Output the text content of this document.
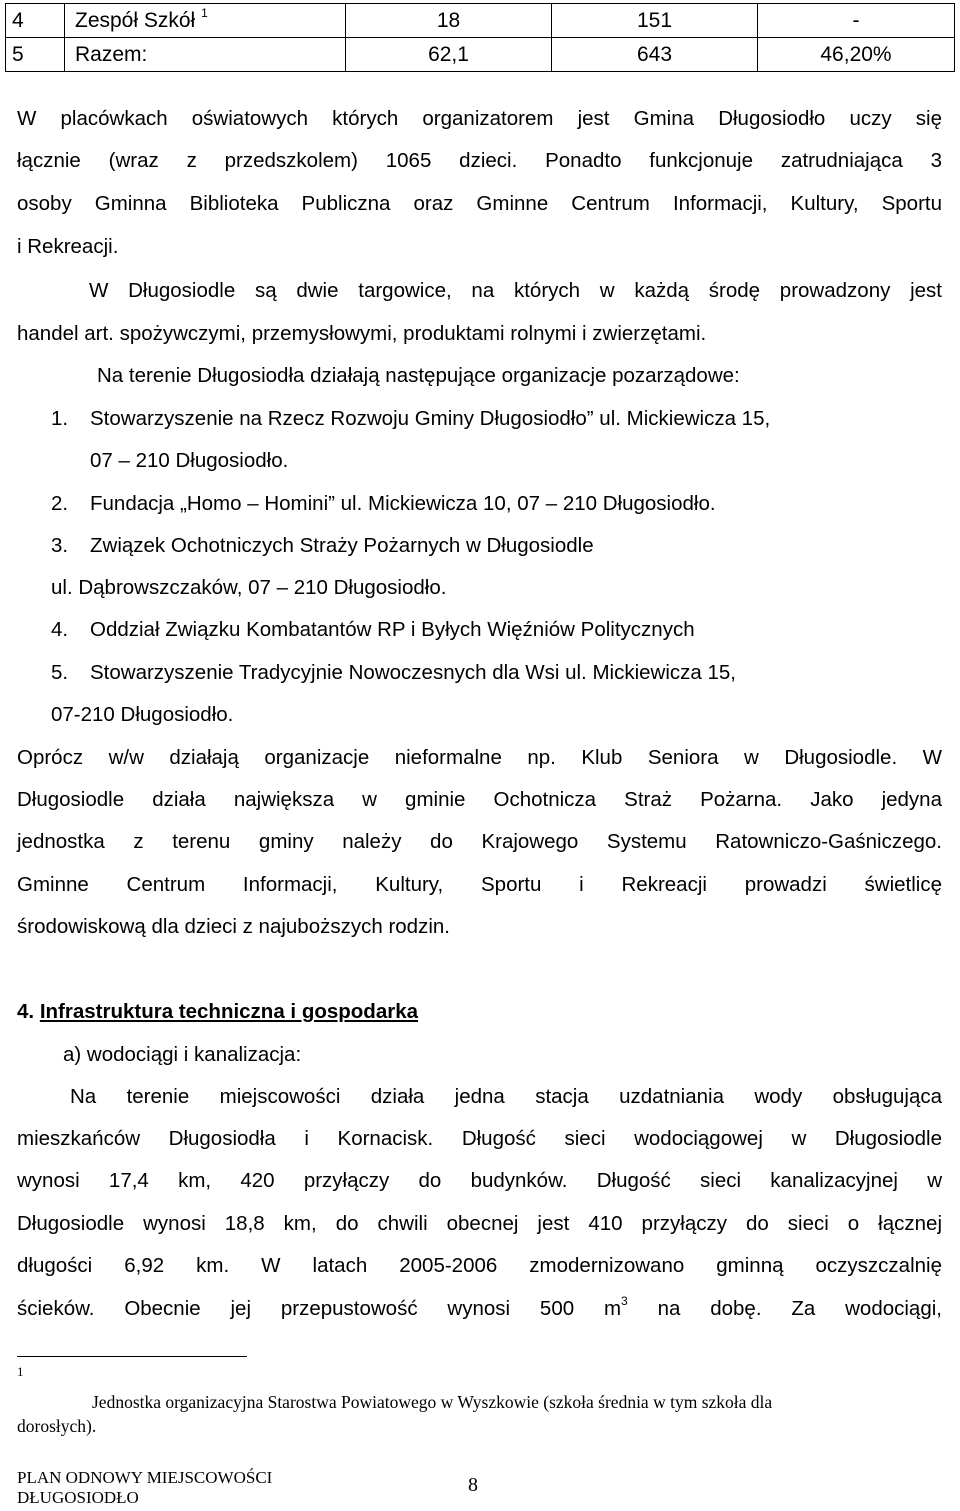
4	Zespół Szkół $^1$	18	151	-
5	Razem:	62,1	643	46,20%
W placówkach oświatowych których organizatorem jest Gmina Długosiodło uczy się
łącznie (wraz z przedszkolem) 1065 dzieci. Ponadto funkcjonuje zatrudniająca 3
osoby Gminna Biblioteka Publiczna oraz Gminne Centrum Informacji, Kultury, Sportu
i Rekreacji.
W Długosiodle są dwie targowice, na których w każdą środę prowadzony jest
handel art. spożywczymi, przemysłowymi, produktami rolnymi i zwierzętami.
Na terenie Długosiodła działają następujące organizacje pozarządowe:
1. Stowarzyszenie na Rzecz Rozwoju Gminy Długosiodło” ul. Mickiewicza 15,
07 – 210 Długosiodło.
2. Fundacja „Homo – Homini” ul. Mickiewicza 10, 07 – 210 Długosiodło.
3. Związek Ochotniczych Straży Pożarnych w Długosiodle
ul. Dąbrowszczaków, 07 – 210 Długosiodło.
4. Oddział Związku Kombatantów RP i Byłych Więźniów Politycznych
5. Stowarzyszenie Tradycyjnie Nowoczesnych dla Wsi ul. Mickiewicza 15,
07-210 Długosiodło.
Oprócz w/w działają organizacje nieformalne np. Klub Seniora w Długosiodle. W
Długosiodle działa największa w gminie Ochotnicza Straż Pożarna. Jako jedyna
jednostka z terenu gminy należy do Krajowego Systemu Ratowniczo-Gaśniczego.
Gminne Centrum Informacji, Kultury, Sportu i Rekreacji prowadzi świetlicę
środowiskową dla dzieci z najuboższych rodzin.
4. Infrastruktura techniczna i gospodarka
a) wodociągi i kanalizacja:
Na terenie miejscowości działa jedna stacja uzdatniania wody obsługująca
mieszkańców Długosiodła i Kornacisk. Długość sieci wodociągowej w Długosiodle
wynosi 17,4 km, 420 przyłączy do budynków. Długość sieci kanalizacyjnej w
Długosiodle wynosi 18,8 km, do chwili obecnej jest 410 przyłączy do sieci o łącznej
długości 6,92 km. W latach 2005-2006 zmodernizowano gminną oczyszczalnię
ścieków. Obecnie jej przepustowość wynosi 500 $m^3$ na dobę. Za wodociągi,
1
Jednostka organizacyjna Starostwa Powiatowego w Wyszkowie (szkoła średnia w tym szkoła dla
dorosłych).
PLAN ODNOWY MIEJSCOWOŚCI
DŁUGOSIODŁO
8
